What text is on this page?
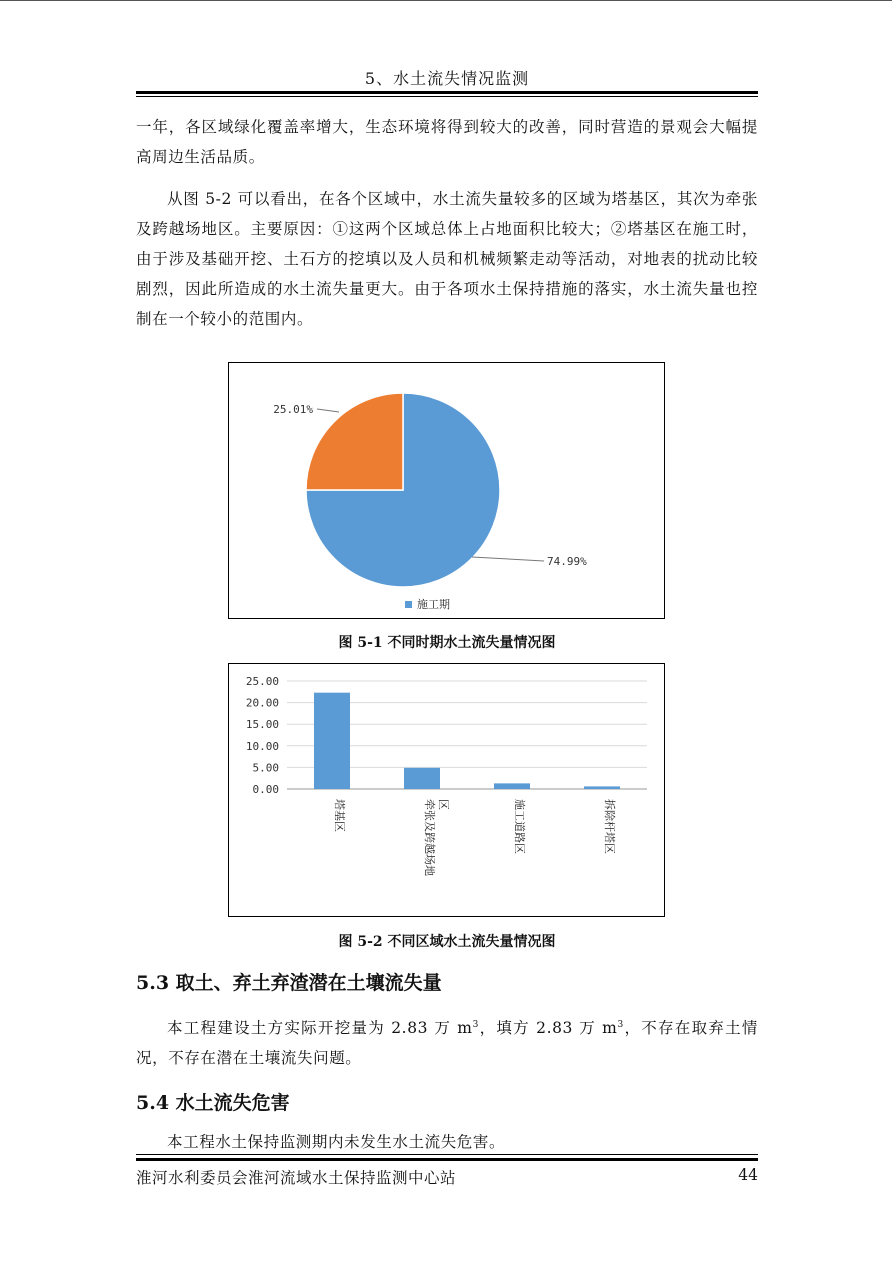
5、水土流失情况监测

一年，各区域绿化覆盖率增大，生态环境将得到较大的改善，同时营造的景观会大幅提高周边生活品质。

从图 5-2 可以看出，在各个区域中，水土流失量较多的区域为塔基区，其次为牵张及跨越场地区。主要原因：①这两个区域总体上占地面积比较大；②塔基区在施工时，由于涉及基础开挖、土石方的挖填以及人员和机械频繁走动等活动，对地表的扰动比较剧烈，因此所造成的水土流失量更大。由于各项水土保持措施的落实，水土流失量也控制在一个较小的范围内。

25.01%
74.99%
施工期
图 5-1 不同时期水土流失量情况图
0.00
5.00
10.00
15.00
20.00
25.00
塔基区	牵张及跨越场地区	施工道路区	拆除杆塔区
图 5-2 不同区域水土流失量情况图
5.3 取土、弃土弃渣潜在土壤流失量

本工程建设土方实际开挖量为 2.83 万 $m^3$，填方 2.83 万 $m^3$，不存在取弃土情况，不存在潜在土壤流失问题。

5.4 水土流失危害

本工程水土保持监测期内未发生水土流失危害。

淮河水利委员会淮河流域水土保持监测中心站	44
